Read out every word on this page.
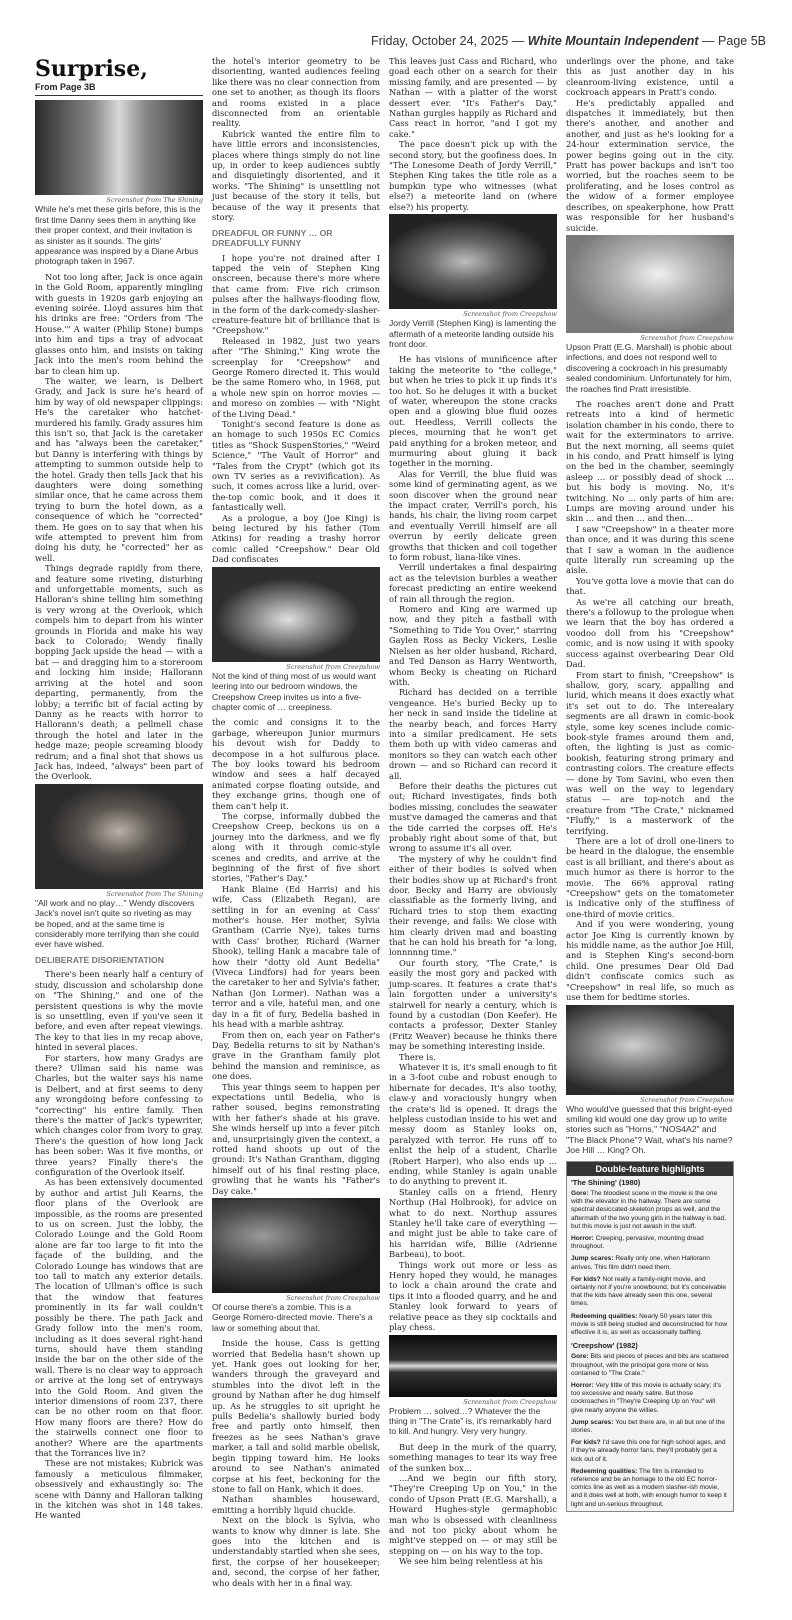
Friday, October 24, 2025 — White Mountain Independent — Page 5B
Surprise,
From Page 3B
Screenshot from The Shining
While he's met these girls before, this is the first time Danny sees them in anything like their proper context, and their invitation is as sinister as it sounds. The girls' appearance was inspired by a Diane Arbus photograph taken in 1967.

Not too long after, Jack is once again in the Gold Room, apparently mingling with guests in 1920s garb enjoying an evening soirée. Lloyd assures him that his drinks are free: "Orders from 'The House.'" A waiter (Philip Stone) bumps into him and tips a tray of advocaat glasses onto him, and insists on taking Jack into the men's room behind the bar to clean him up.

The waiter, we learn, is Delbert Grady, and Jack is sure he's heard of him by way of old newspaper clippings: He's the caretaker who hatchet-murdered his family. Grady assures him this isn't so, that Jack is the caretaker and has "always been the caretaker," but Danny is interfering with things by attempting to summon outside help to the hotel. Grady then tells Jack that his daughters were doing something similar once, that he came across them trying to burn the hotel down, as a consequence of which he "corrected" them. He goes on to say that when his wife attempted to prevent him from doing his duty, he "corrected" her as well.

Things degrade rapidly from there, and feature some riveting, disturbing and unforgettable moments, such as Halloran's shine telling him something is very wrong at the Overlook, which compels him to depart from his winter grounds in Florida and make his way back to Colorado; Wendy finally bopping Jack upside the head — with a bat — and dragging him to a storeroom and locking him inside; Hallorann arriving at the hotel and soon departing, permanently, from the lobby; a terrific bit of facial acting by Danny as he reacts with horror to Hallorann's death; a pellmell chase through the hotel and later in the hedge maze; people screaming bloody redrum; and a final shot that shows us Jack has, indeed, "always" been part of the Overlook.

Screenshot from The Shining
"All work and no play…" Wendy discovers Jack's novel isn't quite so riveting as may be hoped, and at the same time is considerably more terrifying than she could ever have wished.
DELIBERATE DISORIENTATION

There's been nearly half a century of study, discussion and scholarship done on "The Shining," and one of the persistent questions is why the movie is so unsettling, even if you've seen it before, and even after repeat viewings. The key to that lies in my recap above, hinted in several places.

For starters, how many Gradys are there? Ullman said his name was Charles, but the waiter says his name is Delbert, and at first seems to deny any wrongdoing before confessing to "correcting" his entire family. Then there's the matter of Jack's typewriter, which changes color from ivory to gray. There's the question of how long Jack has been sober: Was it five months, or three years? Finally there's the configuration of the Overlook itself.

As has been extensively documented by author and artist Juli Kearns, the floor plans of the Overlook are impossible, as the rooms are presented to us on screen. Just the lobby, the Colorado Lounge and the Gold Room alone are far too large to fit into the façade of the building, and the Colorado Lounge has windows that are too tall to match any exterior details. The location of Ullman's office is such that the window that features prominently in its far wall couldn't possibly be there. The path Jack and Grady follow into the men's room, including as it does several right-hand turns, should have them standing inside the bar on the other side of the wall. There is no clear way to approach or arrive at the long set of entryways into the Gold Room. And given the interior dimensions of room 237, there can be no other room on that floor. How many floors are there? How do the stairwells connect one floor to another? Where are the apartments that the Torrances live in?

These are not mistakes; Kubrick was famously a meticulous filmmaker, obsessively and exhaustingly so: The scene with Danny and Halloran talking in the kitchen was shot in 148 takes. He wanted

the hotel's interior geometry to be disorienting, wanted audiences feeling like there was no clear connection from one set to another, as though its floors and rooms existed in a place disconnected from an orientable reality.

Kubrick wanted the entire film to have little errors and inconsistencies, places where things simply do not line up, in order to keep audiences subtly and disquietingly disoriented, and it works. "The Shining" is unsettling not just because of the story it tells, but because of the way it presents that story.

DREADFUL OR FUNNY … OR DREADFULLY FUNNY

I hope you're not drained after I tapped the vein of Stephen King onscreen, because there's more where that came from: Five rich crimson pulses after the hallways-flooding flow, in the form of the dark-comedy-slasher-creature-feature bit of brilliance that is "Creepshow."

Released in 1982, just two years after "The Shining," King wrote the screenplay for "Creepshow" and George Romero directed it. This would be the same Romero who, in 1968, put a whole new spin on horror movies — and moreso on zombies — with "Night of the Living Dead."

Tonight's second feature is done as an homage to such 1950s EC Comics titles as "Shock SuspenStories," "Weird Science," "The Vault of Horror" and "Tales from the Crypt" (which got its own TV series as a revivification). As such, it comes across like a lurid, over-the-top comic book, and it does it fantastically well.

As a prologue, a boy (Joe King) is being lectured by his father (Tom Atkins) for reading a trashy horror comic called "Creepshow." Dear Old Dad confiscates

Screenshot from Creepshow
Not the kind of thing most of us would want leering into our bedroom windows, the Creepshow Creep invites us into a five-chapter comic of … creepiness.

the comic and consigns it to the garbage, whereupon Junior murmurs his devout wish for Daddy to decompose in a hot sulfurous place. The boy looks toward his bedroom window and sees a half decayed animated corpse floating outside, and they exchange grins, though one of them can't help it.

The corpse, informally dubbed the Creepshow Creep, beckons us on a journey into the darkness, and we fly along with it through comic-style scenes and credits, and arrive at the beginning of the first of five short stories, "Father's Day."

Hank Blaine (Ed Harris) and his wife, Cass (Elizabeth Regan), are settling in for an evening at Cass' mother's house. Her mother, Sylvia Grantham (Carrie Nye), takes turns with Cass' brother, Richard (Warner Shook), telling Hank a macabre tale of how their "dotty old Aunt Bedelia" (Viveca Lindfors) had for years been the caretaker to her and Sylvia's father, Nathan (Jon Lormer). Nathan was a terror and a vile, hateful man, and one day in a fit of fury, Bedelia bashed in his head with a marble ashtray.

From then on, each year on Father's Day, Bedelia returns to sit by Nathan's grave in the Grantham family plot behind the mansion and reminisce, as one does.

This year things seem to happen per expectations until Bedelia, who is rather soused, begins remonstrating with her father's shade at his grave. She winds herself up into a fever pitch and, unsurprisingly given the context, a rotted hand shoots up out of the ground: It's Nathan Grantham, digging himself out of his final resting place, growling that he wants his "Father's Day cake."

Screenshot from Creepshow
Of course there's a zombie. This is a George Romero-directed movie. There's a law or something about that.

Inside the house, Cass is getting worried that Bedelia hasn't shown up yet. Hank goes out looking for her, wanders through the graveyard and stumbles into the divot left in the ground by Nathan after he dug himself up. As he struggles to sit upright he pulls Bedelia's shallowly buried body free and partly onto himself, then freezes as he sees Nathan's grave marker, a tall and solid marble obelisk, begin tipping toward him. He looks around to see Nathan's animated corpse at his feet, beckoning for the stone to fall on Hank, which it does.

Nathan shambles houseward, emitting a horribly liquid chuckle.

Next on the block is Sylvia, who wants to know why dinner is late. She goes into the kitchen and is understandably startled when she sees, first, the corpse of her housekeeper; and, second, the corpse of her father, who deals with her in a final way.

This leaves just Cass and Richard, who goad each other on a search for their missing family, and are presented — by Nathan — with a platter of the worst dessert ever. "It's Father's Day," Nathan gurgles happily as Richard and Cass react in horror, "and I got my cake."

The pace doesn't pick up with the second story, but the goofiness does. In "The Lonesome Death of Jordy Verrill," Stephen King takes the title role as a bumpkin type who witnesses (what else?) a meteorite land on (where else?) his property.

Screenshot from Creepshow
Jordy Verrill (Stephen King) is lamenting the aftermath of a meteorite landing outside his front door.

He has visions of munificence after taking the meteorite to "the college," but when he tries to pick it up finds it's too hot. So he deluges it with a bucket of water, whereupon the stone cracks open and a glowing blue fluid oozes out. Heedless, Verrill collects the pieces, mourning that he won't get paid anything for a broken meteor, and murmuring about gluing it back together in the morning.

Alas for Verrill, the blue fluid was some kind of germinating agent, as we soon discover when the ground near the impact crater, Verrill's porch, his hands, his chair, the living room carpet and eventually Verrill himself are all overrun by eerily delicate green growths that thicken and coil together to form robust, liana-like vines.

Verrill undertakes a final despairing act as the television burbles a weather forecast predicting an entire weekend of rain all through the region.

Romero and King are warmed up now, and they pitch a fastball with "Something to Tide You Over," starring Gaylen Ross as Becky Vickers, Leslie Nielsen as her older husband, Richard, and Ted Danson as Harry Wentworth, whom Becky is cheating on Richard with.

Richard has decided on a terrible vengeance. He's buried Becky up to her neck in sand inside the tideline at the nearby beach, and forces Harry into a similar predicament. He sets them both up with video cameras and monitors so they can watch each other drown — and so Richard can record it all.

Before their deaths the pictures cut out; Richard investigates, finds both bodies missing, concludes the seawater must've damaged the cameras and that the tide carried the corpses off. He's probably right about some of that, but wrong to assume it's all over.

The mystery of why he couldn't find either of their bodies is solved when their bodies show up at Richard's front door. Becky and Harry are obviously classifiable as the formerly living, and Richard tries to stop them exacting their revenge, and fails: We close with him clearly driven mad and boasting that he can hold his breath for "a long, lonnnnng time."

Our fourth story, "The Crate," is easily the most gory and packed with jump-scares. It features a crate that's lain forgotten under a university's stairwell for nearly a century, which is found by a custodian (Don Keefer). He contacts a professor, Dexter Stanley (Fritz Weaver) because he thinks there may be something interesting inside.

There is.

Whatever it is, it's small enough to fit in a 3-foot cube and robust enough to hibernate for decades. It's also toothy, claw-y and voraciously hungry when the crate's lid is opened. It drags the helpless custodian inside to his wet and messy doom as Stanley looks on, paralyzed with terror. He runs off to enlist the help of a student, Charlie (Robert Harper), who also ends up … ending, while Stanley is again unable to do anything to prevent it.

Stanley calls on a friend, Henry Northup (Hal Holbrook), for advice on what to do next. Northup assures Stanley he'll take care of everything — and might just be able to take care of his harridan wife, Billie (Adrienne Barbeau), to boot.

Things work out more or less as Henry hoped they would, he manages to lock a chain around the crate and tips it into a flooded quarry, and he and Stanley look forward to years of relative peace as they sip cocktails and play chess.

Screenshot from Creepshow
Problem … solved…? Whatever the the thing in "The Crate" is, it's remarkably hard to kill. And hungry. Very very hungry.

But deep in the murk of the quarry, something manages to tear its way free of the sunken box…

…And we begin our fifth story, "They're Creeping Up on You," in the condo of Upson Pratt (E.G. Marshall), a Howard Hughes-style germaphobic man who is obsessed with cleanliness and not too picky about whom he might've stepped on — or may still be stepping on — on his way to the top.

We see him being relentless at his

underlings over the phone, and take this as just another day in his cleanroom-living existence, until a cockroach appears in Pratt's condo.

He's predictably appalled and dispatches it immediately, but then there's another, and another and another, and just as he's looking for a 24-hour extermination service, the power begins going out in the city. Pratt has power backups and isn't too worried, but the roaches seem to be proliferating, and he loses control as the widow of a former employee describes, on speakerphone, how Pratt was responsible for her husband's suicide.

Screenshot from Creepshow
Upson Pratt (E.G. Marshall) is phobic about infections, and does not respond well to discovering a cockroach in his presumably sealed condominium. Unfortunately for him, the roaches find Pratt irresistible.

The roaches aren't done and Pratt retreats into a kind of hermetic isolation chamber in his condo, there to wait for the exterminators to arrive. But the next morning, all seems quiet in his condo, and Pratt himself is lying on the bed in the chamber, seemingly asleep … or possibly dead of shock … but his body is moving. No, it's twitching. No … only parts of him are: Lumps are moving around under his skin … and then … and then…

I saw "Creepshow" in a theater more than once, and it was during this scene that I saw a woman in the audience quite literally run screaming up the aisle.

You've gotta love a movie that can do that.

As we're all catching our breath, there's a followup to the prologue when we learn that the boy has ordered a voodoo doll from his "Creepshow" comic, and is now using it with spooky success against overbearing Dear Old Dad.

From start to finish, "Creepshow" is shallow, gory, scary, appalling and lurid, which means it does exactly what it's set out to do. The interealary segments are all drawn in comic-book style, some key scenes include comic-book-style frames around them and, often, the lighting is just as comic-bookish, featuring strong primary and contrasting colors. The creature effects — done by Tom Savini, who even then was well on the way to legendary status — are top-notch and the creature from "The Crate," nicknamed "Fluffy," is a masterwork of the terrifying.

There are a lot of droll one-liners to be heard in the dialogue, the ensemble cast is all brilliant, and there's about as much humor as there is horror to the movie. The 66% approval rating "Creepshow" gets on the tomatometer is indicative only of the stuffiness of one-third of movie critics.

And if you were wondering, young actor Joe King is currently known by his middle name, as the author Joe Hill, and is Stephen King's second-born child. One presumes Dear Old Dad didn't confiscate comics such as "Creepshow" in real life, so much as use them for bedtime stories.

Screenshot from Creepshow
Who would've guessed that this bright-eyed smiling kid would one day grow up to write stories such as "Horns," "NOS4A2" and "The Black Phone"? Wait, what's his name? Joe Hill … King? Oh.
Double-feature highlights
'The Shining' (1980)
Gore: The bloodiest scene in the movie is the one with the elevator in the hallway. There are some spectral desiccated-skeleton props as well, and the aftermath of the two young girls in the hallway is bad, but this movie is just not awash in the stuff.
Horror: Creeping, pervasive, mounting dread throughout.
Jump scares: Really only one, when Hallorann arrives. This film didn't need them.
For kids? Not really a family-night movie, and certainly not if you're snowbound, but it's conceivable that the kids have already seen this one, several times.
Redeeming qualities: Nearly 50 years later this movie is still being studied and deconstructed for how effective it is, as well as occasionally baffling.
'Creepshow' (1982)
Gore: Bits and pieces of pieces and bits are scattered throughout, with the principal gore more or less contained to "The Crate."
Horror: Very little of this movie is actually scary; it's too excessive and nearly satire. But those cockroaches in "They're Creeping Up on You" will give nearly anyone the willies.
Jump scares: You bet there are, in all but one of the stories.
For kids? I'd save this one for high school ages, and if they're already horror fans, they'll probably get a kick out of it.
Redeeming qualities: The film is intended to reference and be an homage to the old EC horror-comics line as well as a modern slasher-ish movie, and it does well at both, with enough humor to keep it light and un-serious throughout.
